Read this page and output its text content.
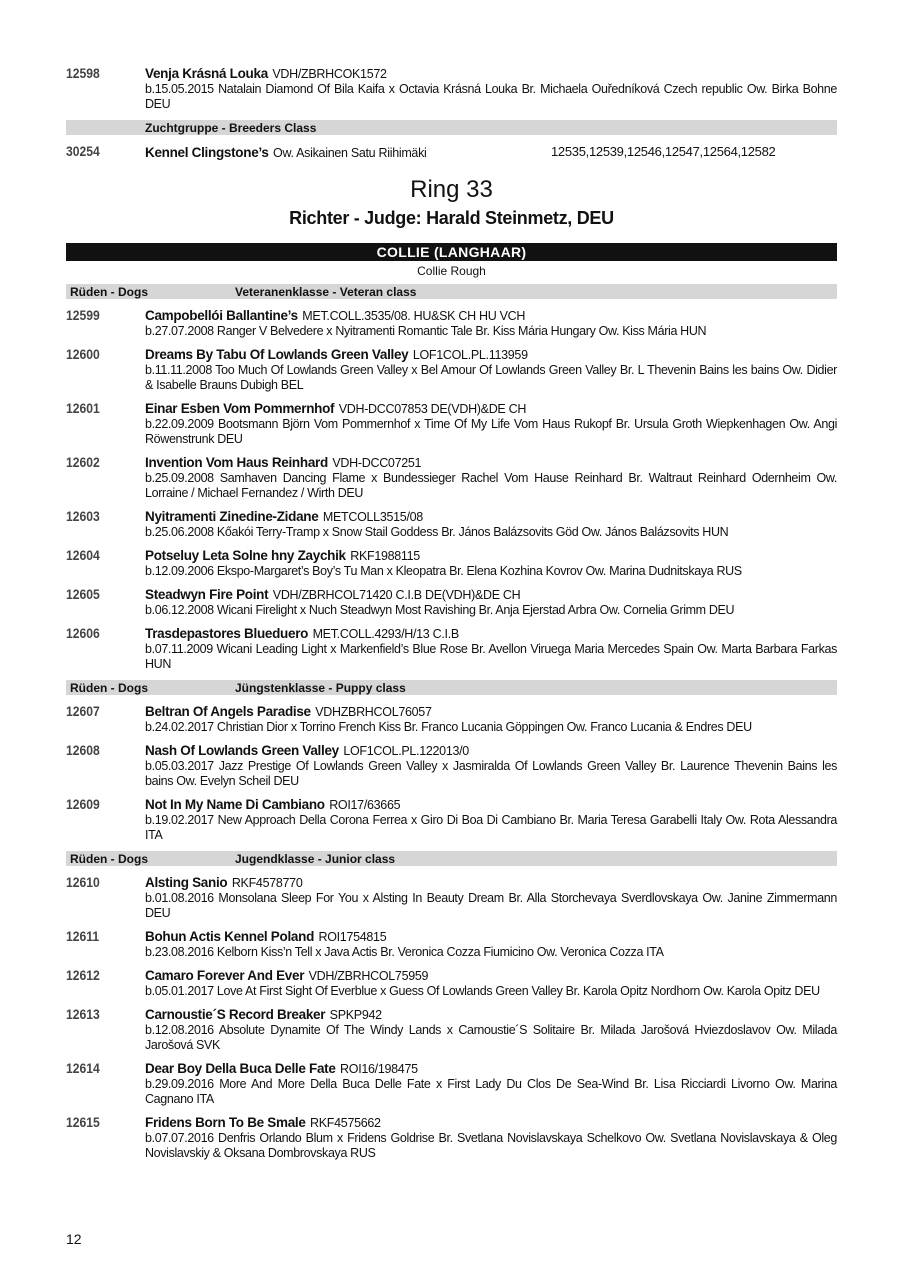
12598	Venja Krásná Louka VDH/ZBRHCOK1572
b.15.05.2015 Natalain Diamond Of Bila Kaifa x Octavia Krásná Louka Br. Michaela Ouředníková Czech republic Ow. Birka Bohne DEU
Zuchtgruppe - Breeders Class
30254	Kennel Clingstone’s Ow. Asikainen Satu Riihimäki	12535,12539,12546,12547,12564,12582
Ring 33
Richter - Judge: Harald Steinmetz, DEU
COLLIE (LANGHAAR)
Collie Rough
Rüden - Dogs	Veteranenklasse - Veteran class
12599	Campobellói Ballantine’s MET.COLL.3535/08. HU&SK CH HU VCH
b.27.07.2008 Ranger V Belvedere x Nyitramenti Romantic Tale Br. Kiss Mária Hungary Ow. Kiss Mária HUN
12600	Dreams By Tabu Of Lowlands Green Valley LOF1COL.PL.113959
b.11.11.2008 Too Much Of Lowlands Green Valley x Bel Amour Of Lowlands Green Valley Br. L Thevenin Bains les bains Ow. Didier & Isabelle Brauns Dubigh BEL
12601	Einar Esben Vom Pommernhof VDH-DCC07853 DE(VDH)&DE CH
b.22.09.2009 Bootsmann Björn Vom Pommernhof x Time Of My Life Vom Haus Rukopf Br. Ursula Groth Wiepkenhagen Ow. Angi Röwenstrunk DEU
12602	Invention Vom Haus Reinhard VDH-DCC07251
b.25.09.2008 Samhaven Dancing Flame x Bundessieger Rachel Vom Hause Reinhard Br. Waltraut Reinhard Odernheim Ow. Lorraine / Michael Fernandez / Wirth DEU
12603	Nyitramenti Zinedine-Zidane METCOLL3515/08
b.25.06.2008 Kőakói Terry-Tramp x Snow Stail Goddess Br. János Balázsovits Göd Ow. János Balázsovits HUN
12604	Potseluy Leta Solne hny Zaychik RKF1988115
b.12.09.2006 Ekspo-Margaret’s Boy’s Tu Man x Kleopatra Br. Elena Kozhina Kovrov Ow. Marina Dudnitskaya RUS
12605	Steadwyn Fire Point VDH/ZBRHCOL71420 C.I.B DE(VDH)&DE CH
b.06.12.2008 Wicani Firelight x Nuch Steadwyn Most Ravishing Br. Anja Ejerstad Arbra Ow. Cornelia Grimm DEU
12606	Trasdepastores Blueduero MET.COLL.4293/H/13 C.I.B
b.07.11.2009 Wicani Leading Light x Markenfield’s Blue Rose Br. Avellon Viruega Maria Mercedes Spain Ow. Marta Barbara Farkas HUN
Rüden - Dogs	Jüngstenklasse - Puppy class
12607	Beltran Of Angels Paradise VDHZBRHCOL76057
b.24.02.2017 Christian Dior x Torrino French Kiss Br. Franco Lucania Göppingen Ow. Franco Lucania & Endres DEU
12608	Nash Of Lowlands Green Valley LOF1COL.PL.122013/0
b.05.03.2017 Jazz Prestige Of Lowlands Green Valley x Jasmiralda Of Lowlands Green Valley Br. Laurence Thevenin Bains les bains Ow. Evelyn Scheil DEU
12609	Not In My Name Di Cambiano ROI17/63665
b.19.02.2017 New Approach Della Corona Ferrea x Giro Di Boa Di Cambiano Br. Maria Teresa Garabelli Italy Ow. Rota Alessandra ITA
Rüden - Dogs	Jugendklasse - Junior class
12610	Alsting Sanio RKF4578770
b.01.08.2016 Monsolana Sleep For You x Alsting In Beauty Dream Br. Alla Storchevaya Sverdlovskaya Ow. Janine Zimmermann DEU
12611	Bohun Actis Kennel Poland ROI1754815
b.23.08.2016 Kelborn Kiss’n Tell x Java Actis Br. Veronica Cozza Fiumicino Ow. Veronica Cozza ITA
12612	Camaro Forever And Ever VDH/ZBRHCOL75959
b.05.01.2017 Love At First Sight Of Everblue x Guess Of Lowlands Green Valley Br. Karola Opitz Nordhorn Ow. Karola Opitz DEU
12613	Carnoustie´S Record Breaker SPKP942
b.12.08.2016 Absolute Dynamite Of The Windy Lands x Carnoustie´S Solitaire Br. Milada Jarošová Hviezdoslavov Ow. Milada Jarošová SVK
12614	Dear Boy Della Buca Delle Fate ROI16/198475
b.29.09.2016 More And More Della Buca Delle Fate x First Lady Du Clos De Sea-Wind Br. Lisa Ricciardi Livorno Ow. Marina Cagnano ITA
12615	Fridens Born To Be Smale RKF4575662
b.07.07.2016 Denfris Orlando Blum x Fridens Goldrise Br. Svetlana Novislavskaya Schelkovo Ow. Svetlana Novislavskaya & Oleg Novislavskiy & Oksana Dombrovskaya RUS
12
